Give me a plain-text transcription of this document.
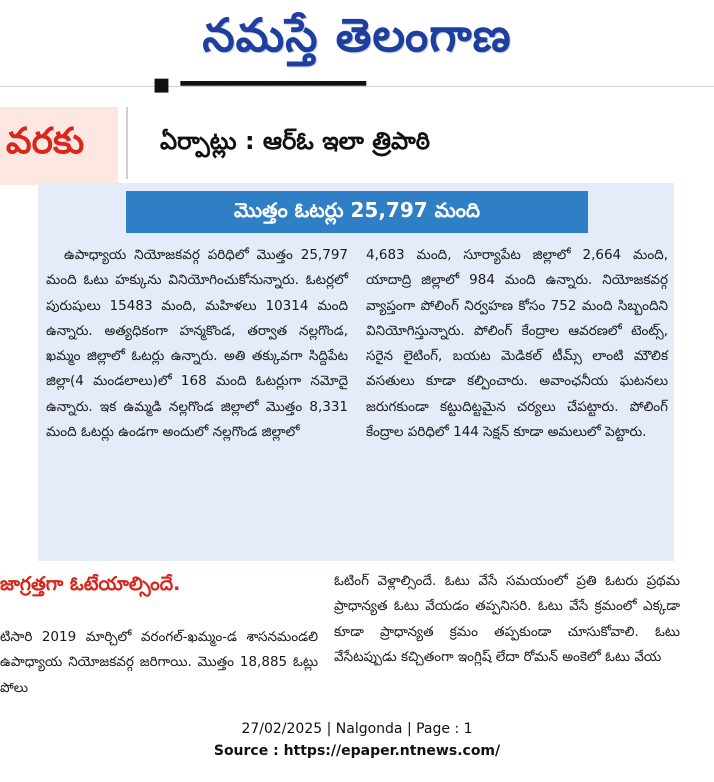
నమస్తే తెలంగాణ
▪ ━━━━━━━━━━━
వరకు	ఏర్పాట్లు : ఆర్ఓ ఇలా త్రిపాఠి
మొత్తం ఓటర్లు 25,797 మంది
ఉపాధ్యాయ నియోజకవర్గ పరిధిలో మొత్తం 25,797 మంది ఓటు హక్కును వినియోగించుకోనున్నారు. ఓటర్లలో పురుషులు 15483 మంది, మహిళలు 10314 మంది ఉన్నారు. అత్యధికంగా హన్మకొండ, తర్వాత నల్లగొండ, ఖమ్మం జిల్లాలో ఓటర్లు ఉన్నారు. అతి తక్కువగా సిద్దిపేట జిల్లా(4 మండలాలు)లో 168 మంది ఓటర్లుగా నమోదై ఉన్నారు. ఇక ఉమ్మడి నల్లగొండ జిల్లాలో మొత్తం 8,331 మంది ఓటర్లు ఉండగా అందులో నల్లగొండ జిల్లాలో
4,683 మంది, సూర్యాపేట జిల్లాలో 2,664 మంది, యాదాద్రి జిల్లాలో 984 మంది ఉన్నారు. నియోజకవర్గ వ్యాప్తంగా పోలింగ్ నిర్వహణ కోసం 752 మంది సిబ్బందిని వినియోగిస్తున్నారు. పోలింగ్ కేంద్రాల ఆవరణలో టెంట్స్, సరైన లైటింగ్, బయట మెడికల్ టీమ్స్ లాంటి మౌలిక వసతులు కూడా కల్పించారు. అవాంఛనీయ ఘటనలు జరుగకుండా కట్టుదిట్టమైన చర్యలు చేపట్టారు. పోలింగ్ కేంద్రాల పరిధిలో 144 సెక్షన్ కూడా అమలులో పెట్టారు.
జాగ్రత్తగా ఓటేయాల్సిందే.
టిసారి 2019 మార్చిలో వరంగల్-ఖమ్మం-డ శాసనమండలి ఉపాధ్యాయ నియోజకవర్గ జరిగాయి. మొత్తం 18,885 ఓట్లు పోలు
ఓటింగ్ వెళ్లాల్సిందే. ఓటు వేసే సమయంలో ప్రతి ఓటరు ప్రథమ ప్రాధాన్యత ఓటు వేయడం తప్పనిసరి. ఓటు వేసే క్రమంలో ఎక్కడా కూడా ప్రాధాన్యత క్రమం తప్పకుండా చూసుకోవాలి. ఓటు వేసేటప్పుడు కచ్చితంగా ఇంగ్లిష్ లేదా రోమన్ అంకెలో ఓటు వేయ
27/02/2025 | Nalgonda | Page : 1
Source : https://epaper.ntnews.com/
